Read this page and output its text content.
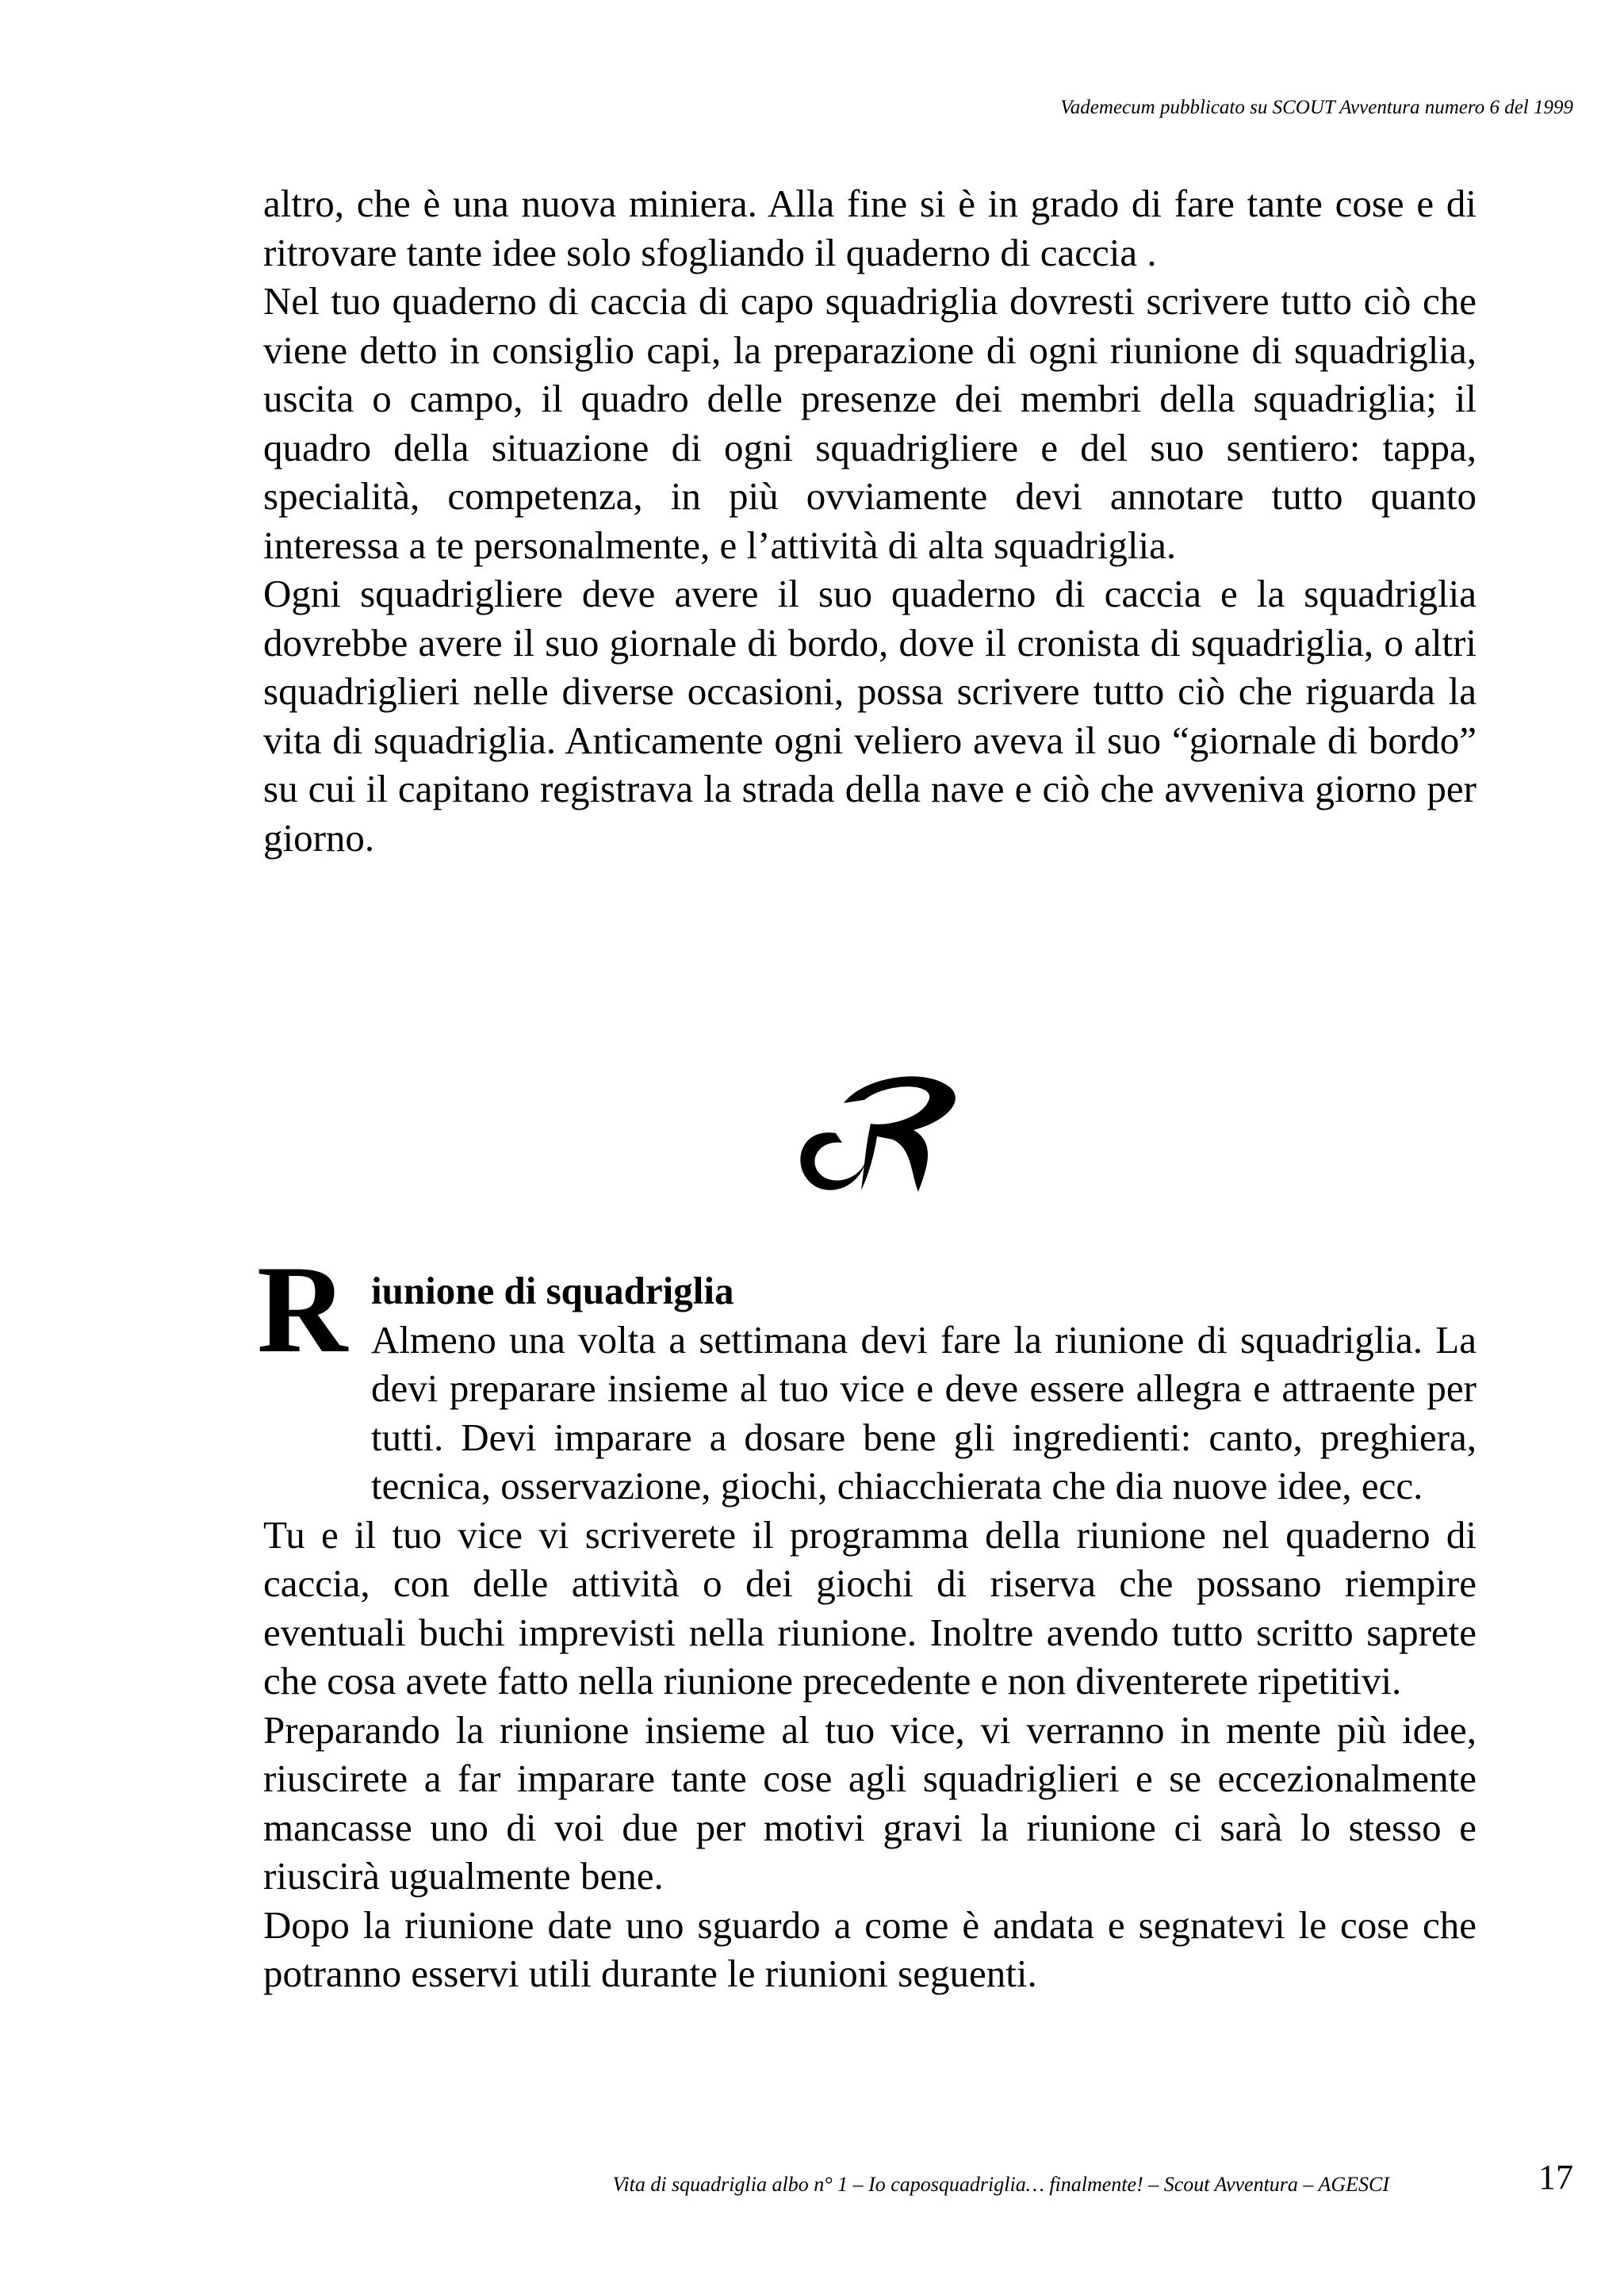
Vademecum pubblicato su SCOUT Avventura numero 6 del 1999

altro, che è una nuova miniera. Alla fine si è in grado di fare tante cose e di ritrovare tante idee solo sfogliando il quaderno di caccia .

Nel tuo quaderno di caccia di capo squadriglia dovresti scrivere tutto ciò che viene detto in consiglio capi, la preparazione di ogni riunione di squadriglia, uscita o campo, il quadro delle presenze dei membri della squadriglia; il quadro della situazione di ogni squadrigliere e del suo sentiero: tappa, specialità, competenza, in più ovviamente devi annotare tutto quanto interessa a te personalmente, e l’attività di alta squadriglia.

Ogni squadrigliere deve avere il suo quaderno di caccia e la squadriglia dovrebbe avere il suo giornale di bordo, dove il cronista di squadriglia, o altri squadriglieri nelle diverse occasioni, possa scrivere tutto ciò che riguarda la vita di squadriglia. Anticamente ogni veliero aveva il suo “giornale di bordo” su cui il capitano registrava la strada della nave e ciò che avveniva giorno per giorno.

R iunione di squadriglia

Almeno una volta a settimana devi fare la riunione di squadriglia. La devi preparare insieme al tuo vice e deve essere allegra e attraente per tutti. Devi imparare a dosare bene gli ingredienti: canto, preghiera, tecnica, osservazione, giochi, chiacchierata che dia nuove idee, ecc.

Tu e il tuo vice vi scriverete il programma della riunione nel quaderno di caccia, con delle attività o dei giochi di riserva che possano riempire eventuali buchi imprevisti nella riunione. Inoltre avendo tutto scritto saprete che cosa avete fatto nella riunione precedente e non diventerete ripetitivi.

Preparando la riunione insieme al tuo vice, vi verranno in mente più idee, riuscirete a far imparare tante cose agli squadriglieri e se eccezionalmente mancasse uno di voi due per motivi gravi la riunione ci sarà lo stesso e riuscirà ugualmente bene.

Dopo la riunione date uno sguardo a come è andata e segnatevi le cose che potranno esservi utili durante le riunioni seguenti.

Vita di squadriglia albo n° 1 – Io caposquadriglia… finalmente! – Scout Avventura – AGESCI	17
